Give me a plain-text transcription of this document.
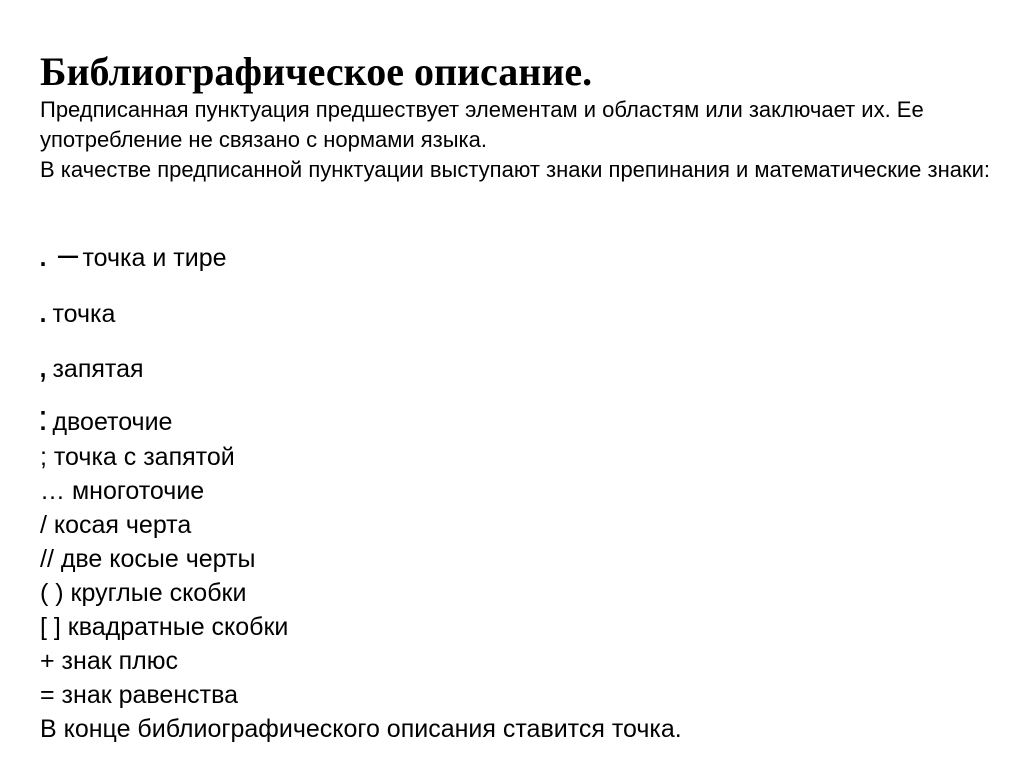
Библиографическое описание.

Предписанная пунктуация предшествует элементам и областям или заключает их. Ее употребление не связано с нормами языка.

В качестве предписанной пунктуации выступают знаки препинания и математические знаки:

. – точка и тире
. точка
, запятая
: двоеточие
; точка с запятой
… многоточие
/ косая черта
// две косые черты
( ) круглые скобки
[ ] квадратные скобки
+ знак плюс
= знак равенства
В конце библиографического описания ставится точка.
